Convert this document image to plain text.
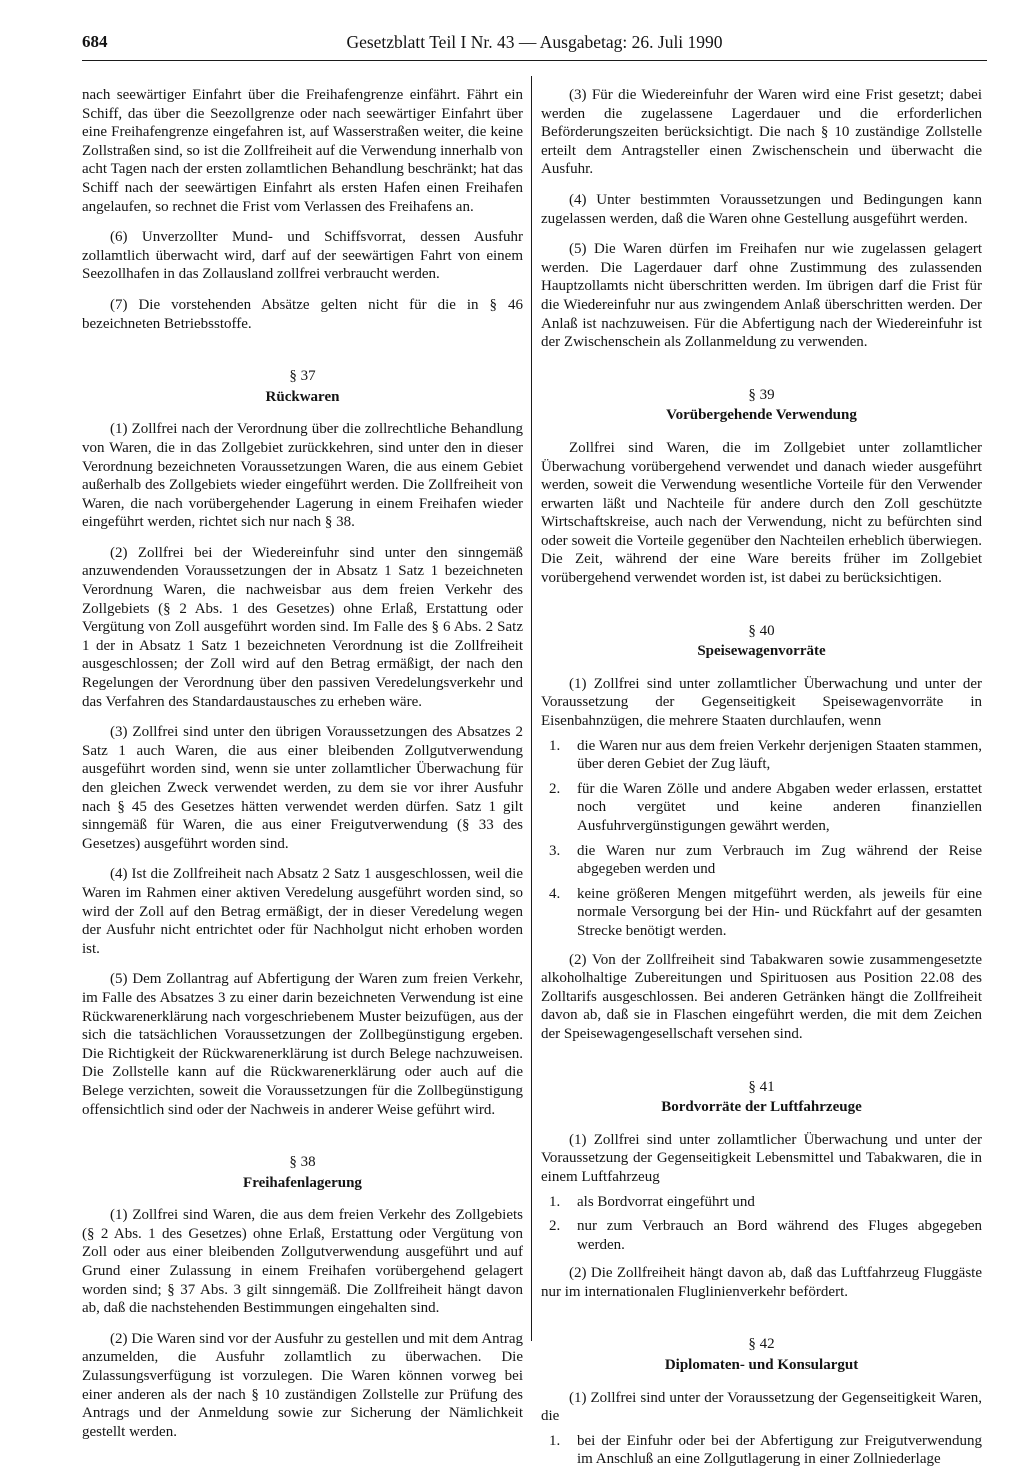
684	Gesetzblatt Teil I Nr. 43 — Ausgabetag: 26. Juli 1990

nach seewärtiger Einfahrt über die Freihafengrenze einfährt. Fährt ein Schiff, das über die Seezollgrenze oder nach seewärtiger Einfahrt über eine Freihafengrenze eingefahren ist, auf Wasserstraßen weiter, die keine Zollstraßen sind, so ist die Zollfreiheit auf die Verwendung innerhalb von acht Tagen nach der ersten zollamtlichen Behandlung beschränkt; hat das Schiff nach der seewärtigen Einfahrt als ersten Hafen einen Freihafen angelaufen, so rechnet die Frist vom Verlassen des Freihafens an.

(6) Unverzollter Mund- und Schiffsvorrat, dessen Ausfuhr zollamtlich überwacht wird, darf auf der seewärtigen Fahrt von einem Seezollhafen in das Zollausland zollfrei verbraucht werden.

(7) Die vorstehenden Absätze gelten nicht für die in § 46 bezeichneten Betriebsstoffe.

§ 37
Rückwaren

(1) Zollfrei nach der Verordnung über die zollrechtliche Behandlung von Waren, die in das Zollgebiet zurückkehren, sind unter den in dieser Verordnung bezeichneten Voraussetzungen Waren, die aus einem Gebiet außerhalb des Zollgebiets wieder eingeführt werden. Die Zollfreiheit von Waren, die nach vorübergehender Lagerung in einem Freihafen wieder eingeführt werden, richtet sich nur nach § 38.

(2) Zollfrei bei der Wiedereinfuhr sind unter den sinngemäß anzuwendenden Voraussetzungen der in Absatz 1 Satz 1 bezeichneten Verordnung Waren, die nachweisbar aus dem freien Verkehr des Zollgebiets (§ 2 Abs. 1 des Gesetzes) ohne Erlaß, Erstattung oder Vergütung von Zoll ausgeführt worden sind. Im Falle des § 6 Abs. 2 Satz 1 der in Absatz 1 Satz 1 bezeichneten Verordnung ist die Zollfreiheit ausgeschlossen; der Zoll wird auf den Betrag ermäßigt, der nach den Regelungen der Verordnung über den passiven Veredelungsverkehr und das Verfahren des Standardaustausches zu erheben wäre.

(3) Zollfrei sind unter den übrigen Voraussetzungen des Absatzes 2 Satz 1 auch Waren, die aus einer bleibenden Zollgutverwendung ausgeführt worden sind, wenn sie unter zollamtlicher Überwachung für den gleichen Zweck verwendet werden, zu dem sie vor ihrer Ausfuhr nach § 45 des Gesetzes hätten verwendet werden dürfen. Satz 1 gilt sinngemäß für Waren, die aus einer Freigutverwendung (§ 33 des Gesetzes) ausgeführt worden sind.

(4) Ist die Zollfreiheit nach Absatz 2 Satz 1 ausgeschlossen, weil die Waren im Rahmen einer aktiven Veredelung ausgeführt worden sind, so wird der Zoll auf den Betrag ermäßigt, der in dieser Veredelung wegen der Ausfuhr nicht entrichtet oder für Nachholgut nicht erhoben worden ist.

(5) Dem Zollantrag auf Abfertigung der Waren zum freien Verkehr, im Falle des Absatzes 3 zu einer darin bezeichneten Verwendung ist eine Rückwarenerklärung nach vorgeschriebenem Muster beizufügen, aus der sich die tatsächlichen Voraussetzungen der Zollbegünstigung ergeben. Die Richtigkeit der Rückwarenerklärung ist durch Belege nachzuweisen. Die Zollstelle kann auf die Rückwarenerklärung oder auch auf die Belege verzichten, soweit die Voraussetzungen für die Zollbegünstigung offensichtlich sind oder der Nachweis in anderer Weise geführt wird.

§ 38
Freihafenlagerung

(1) Zollfrei sind Waren, die aus dem freien Verkehr des Zollgebiets (§ 2 Abs. 1 des Gesetzes) ohne Erlaß, Erstattung oder Vergütung von Zoll oder aus einer bleibenden Zollgutverwendung ausgeführt und auf Grund einer Zulassung in einem Freihafen vorübergehend gelagert worden sind; § 37 Abs. 3 gilt sinngemäß. Die Zollfreiheit hängt davon ab, daß die nachstehenden Bestimmungen eingehalten sind.

(2) Die Waren sind vor der Ausfuhr zu gestellen und mit dem Antrag anzumelden, die Ausfuhr zollamtlich zu überwachen. Die Zulassungsverfügung ist vorzulegen. Die Waren können vorweg bei einer anderen als der nach § 10 zuständigen Zollstelle zur Prüfung des Antrags und der Anmeldung sowie zur Sicherung der Nämlichkeit gestellt werden.

(3) Für die Wiedereinfuhr der Waren wird eine Frist gesetzt; dabei werden die zugelassene Lagerdauer und die erforderlichen Beförderungszeiten berücksichtigt. Die nach § 10 zuständige Zollstelle erteilt dem Antragsteller einen Zwischenschein und überwacht die Ausfuhr.

(4) Unter bestimmten Voraussetzungen und Bedingungen kann zugelassen werden, daß die Waren ohne Gestellung ausgeführt werden.

(5) Die Waren dürfen im Freihafen nur wie zugelassen gelagert werden. Die Lagerdauer darf ohne Zustimmung des zulassenden Hauptzollamts nicht überschritten werden. Im übrigen darf die Frist für die Wiedereinfuhr nur aus zwingendem Anlaß überschritten werden. Der Anlaß ist nachzuweisen. Für die Abfertigung nach der Wiedereinfuhr ist der Zwischenschein als Zollanmeldung zu verwenden.

§ 39
Vorübergehende Verwendung

Zollfrei sind Waren, die im Zollgebiet unter zollamtlicher Überwachung vorübergehend verwendet und danach wieder ausgeführt werden, soweit die Verwendung wesentliche Vorteile für den Verwender erwarten läßt und Nachteile für andere durch den Zoll geschützte Wirtschaftskreise, auch nach der Verwendung, nicht zu befürchten sind oder soweit die Vorteile gegenüber den Nachteilen erheblich überwiegen. Die Zeit, während der eine Ware bereits früher im Zollgebiet vorübergehend verwendet worden ist, ist dabei zu berücksichtigen.

§ 40
Speisewagenvorräte

(1) Zollfrei sind unter zollamtlicher Überwachung und unter der Voraussetzung der Gegenseitigkeit Speisewagenvorräte in Eisenbahnzügen, die mehrere Staaten durchlaufen, wenn

1. die Waren nur aus dem freien Verkehr derjenigen Staaten stammen, über deren Gebiet der Zug läuft,
2. für die Waren Zölle und andere Abgaben weder erlassen, erstattet noch vergütet und keine anderen finanziellen Ausfuhrvergünstigungen gewährt werden,
3. die Waren nur zum Verbrauch im Zug während der Reise abgegeben werden und
4. keine größeren Mengen mitgeführt werden, als jeweils für eine normale Versorgung bei der Hin- und Rückfahrt auf der gesamten Strecke benötigt werden.

(2) Von der Zollfreiheit sind Tabakwaren sowie zusammengesetzte alkoholhaltige Zubereitungen und Spirituosen aus Position 22.08 des Zolltarifs ausgeschlossen. Bei anderen Getränken hängt die Zollfreiheit davon ab, daß sie in Flaschen eingeführt werden, die mit dem Zeichen der Speisewagengesellschaft versehen sind.

§ 41
Bordvorräte der Luftfahrzeuge

(1) Zollfrei sind unter zollamtlicher Überwachung und unter der Voraussetzung der Gegenseitigkeit Lebensmittel und Tabakwaren, die in einem Luftfahrzeug

1. als Bordvorrat eingeführt und
2. nur zum Verbrauch an Bord während des Fluges abgegeben werden.

(2) Die Zollfreiheit hängt davon ab, daß das Luftfahrzeug Fluggäste nur im internationalen Fluglinienverkehr befördert.

§ 42
Diplomaten- und Konsulargut

(1) Zollfrei sind unter der Voraussetzung der Gegenseitigkeit Waren, die

1. bei der Einfuhr oder bei der Abfertigung zur Freigutverwendung im Anschluß an eine Zollgutlagerung in einer Zollniederlage
